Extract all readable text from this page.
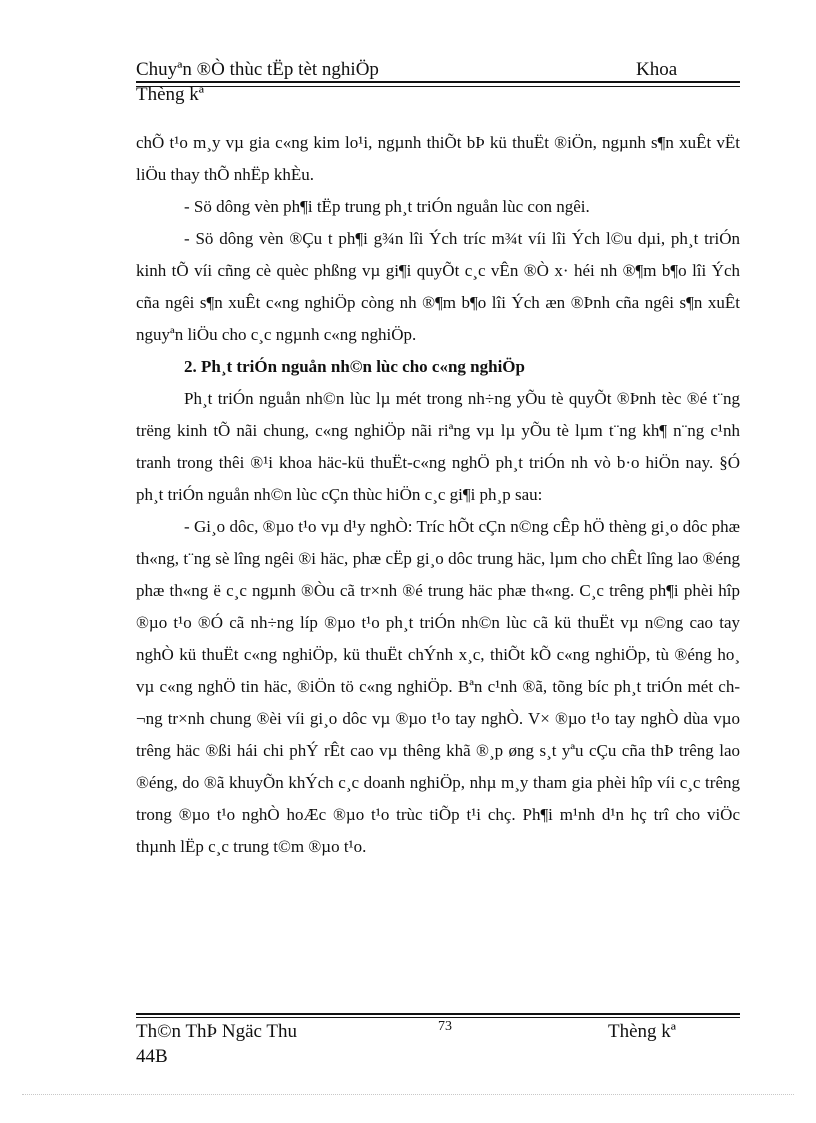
Chuyªn ®Ò thùc tËp tèt nghiÖp	Khoa
Thèng kª

chÕ t¹o m¸y vµ gia c«ng kim lo¹i, ngµnh thiÕt bÞ kü thuËt ®iÖn, ngµnh s¶n xuÊt vËt liÖu thay thÕ nhËp khÈu.

- Sö dông vèn ph¶i tËp trung ph¸t triÓn nguån lùc con ngêi.

- Sö dông vèn ®Çu t ph¶i g¾n lîi Ých tríc m¾t víi lîi Ých l©u dµi, ph¸t triÓn kinh tÕ víi cñng cè quèc phßng vµ gi¶i quyÕt c¸c vÊn ®Ò x· héi nh ®¶m b¶o lîi Ých cña ngêi s¶n xuÊt c«ng nghiÖp còng nh ®¶m b¶o lîi Ých æn ®Þnh cña ngêi s¶n xuÊt nguyªn liÖu cho c¸c ngµnh c«ng nghiÖp.

2. Ph¸t triÓn nguån nh©n lùc cho c«ng nghiÖp

Ph¸t triÓn nguån nh©n lùc lµ mét trong nh÷ng yÕu tè quyÕt ®Þnh tèc ®é t¨ng trëng kinh tÕ nãi chung, c«ng nghiÖp nãi riªng vµ lµ yÕu tè lµm t¨ng kh¶ n¨ng c¹nh tranh trong thêi ®¹i khoa häc-kü thuËt-c«ng nghÖ ph¸t triÓn nh vò b·o hiÖn nay. §Ó ph¸t triÓn nguån nh©n lùc cÇn thùc hiÖn c¸c gi¶i ph¸p sau:

- Gi¸o dôc, ®µo t¹o vµ d¹y nghÒ: Tríc hÕt cÇn n©ng cÊp hÖ thèng gi¸o dôc phæ th«ng, t¨ng sè lîng ngêi ®i häc, phæ cËp gi¸o dôc trung häc, lµm cho chÊt lîng lao ®éng phæ th«ng ë c¸c ngµnh ®Òu cã tr×nh ®é trung häc phæ th«ng. C¸c trêng ph¶i phèi hîp ®µo t¹o ®Ó cã nh÷ng líp ®µo t¹o ph¸t triÓn nh©n lùc cã kü thuËt vµ n©ng cao tay nghÒ kü thuËt c«ng nghiÖp, kü thuËt chÝnh x¸c, thiÕt kÕ c«ng nghiÖp, tù ®éng ho¸ vµ c«ng nghÖ tin häc, ®iÖn tö c«ng nghiÖp. Bªn c¹nh ®ã, tõng bíc ph¸t triÓn mét ch¬ng tr×nh chung ®èi víi gi¸o dôc vµ ®µo t¹o tay nghÒ. V× ®µo t¹o tay nghÒ dùa vµo trêng häc ®ßi hái chi phÝ rÊt cao vµ thêng khã ®¸p øng s¸t yªu cÇu cña thÞ trêng lao ®éng, do ®ã khuyÕn khÝch c¸c doanh nghiÖp, nhµ m¸y tham gia phèi hîp víi c¸c trêng trong ®µo t¹o nghÒ hoÆc ®µo t¹o trùc tiÕp t¹i chç. Ph¶i m¹nh d¹n hç trî cho viÖc thµnh lËp c¸c trung t©m ®µo t¹o.

Th©n ThÞ Ngäc Thu	73	Thèng kª
44B
